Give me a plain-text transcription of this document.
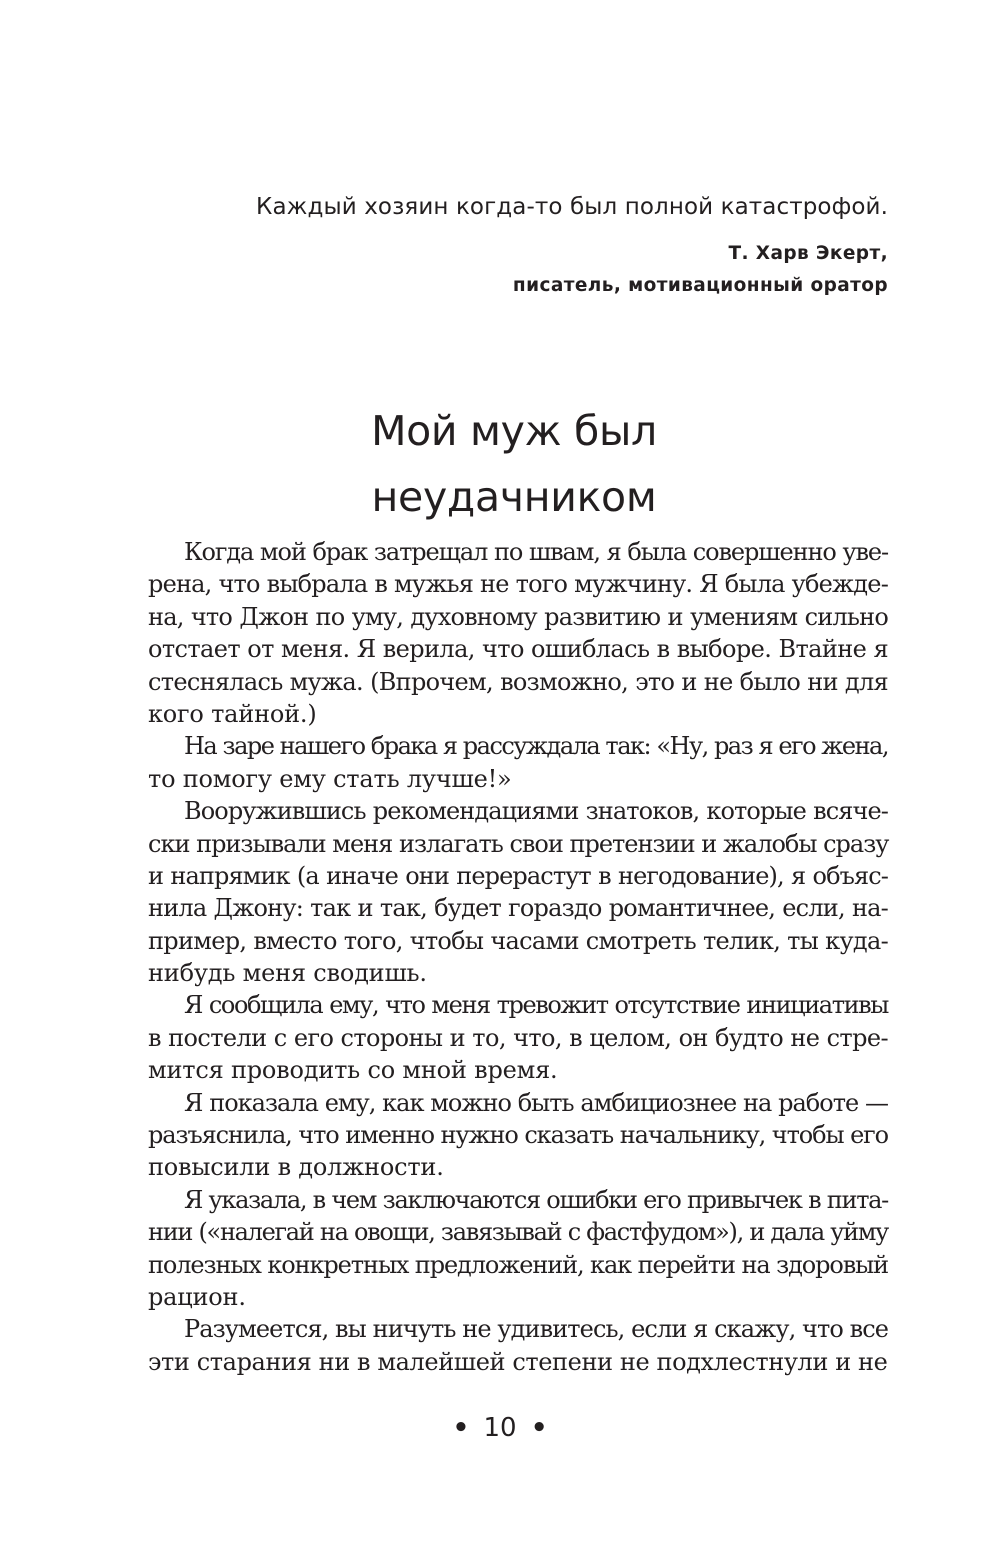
Каждый хозяин когда-то был полной катастрофой.

Т. Харв Экерт,

писатель, мотивационный оратор

Мой муж был
неудачником
Когда мой брак затрещал по швам, я была совершенно уве-
рена, что выбрала в мужья не того мужчину. Я была убежде-
на, что Джон по уму, духовному развитию и умениям сильно
отстает от меня. Я верила, что ошиблась в выборе. Втайне я
стеснялась мужа. (Впрочем, возможно, это и не было ни для
кого тайной.)
На заре нашего брака я рассуждала так: «Ну, раз я его жена,
то помогу ему стать лучше!»
Вооружившись рекомендациями знатоков, которые всяче-
ски призывали меня излагать свои претензии и жалобы сразу
и напрямик (а иначе они перерастут в негодование), я объяс-
нила Джону: так и так, будет гораздо романтичнее, если, на-
пример, вместо того, чтобы часами смотреть телик, ты куда-
нибудь меня сводишь.
Я сообщила ему, что меня тревожит отсутствие инициативы
в постели с его стороны и то, что, в целом, он будто не стре-
мится проводить со мной время.
Я показала ему, как можно быть амбициознее на работе —
разъяснила, что именно нужно сказать начальнику, чтобы его
повысили в должности.
Я указала, в чем заключаются ошибки его привычек в пита-
нии («налегай на овощи, завязывай с фастфудом»), и дала уйму
полезных конкретных предложений, как перейти на здоровый
рацион.
Разумеется, вы ничуть не удивитесь, если я скажу, что все
эти старания ни в малейшей степени не подхлестнули и не
• 10 •
